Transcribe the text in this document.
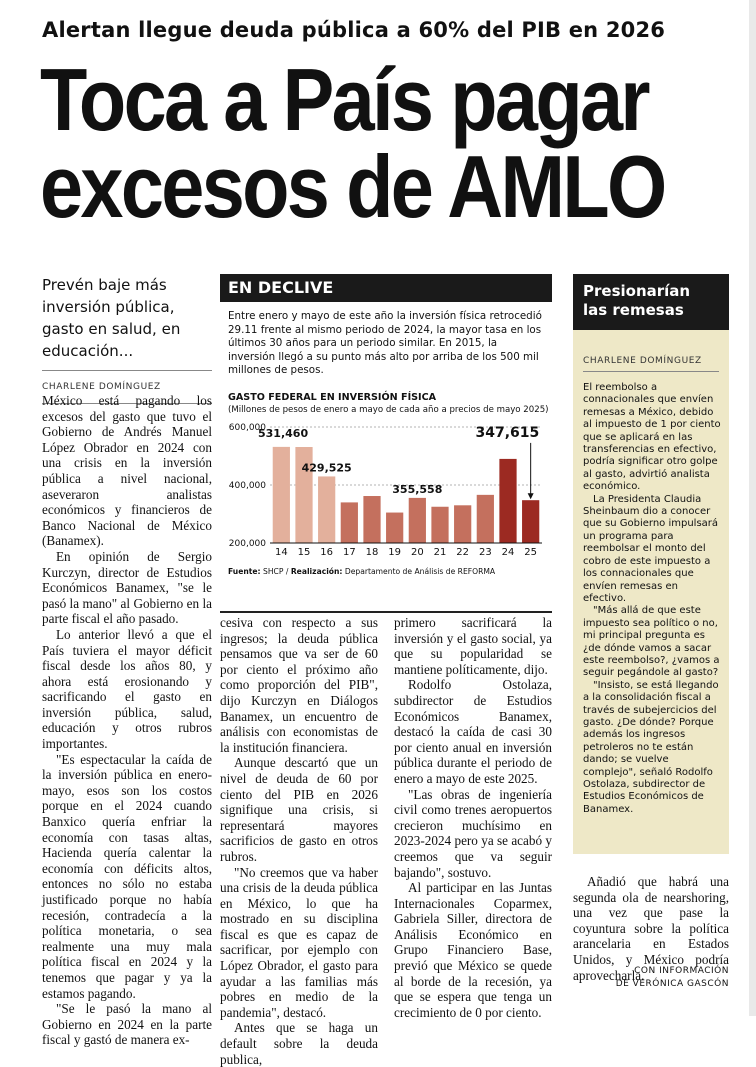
Alertan llegue deuda pública a 60% del PIB en 2026
Toca a País pagar
excesos de AMLO
Prevén baje más inversión pública, gasto en salud, en educación...
CHARLENE DOMÍNGUEZ

México está pagando los excesos del gasto que tuvo el Gobierno de Andrés Manuel López Obrador en 2024 con una crisis en la inversión pública a nivel nacional, aseveraron analistas económicos y financieros de Banco Nacional de México (Banamex).

En opinión de Sergio Kurczyn, director de Estudios Económicos Banamex, "se le pasó la mano" al Gobierno en la parte fiscal el año pasado.

Lo anterior llevó a que el País tuviera el mayor déficit fiscal desde los años 80, y ahora está erosionando y sacrificando el gasto en inversión pública, salud, educación y otros rubros importantes.

"Es espectacular la caída de la inversión pública en enero-mayo, esos son los costos porque en el 2024 cuando Banxico quería enfriar la economía con tasas altas, Hacienda quería calentar la economía con déficits altos, entonces no sólo no estaba justificado porque no había recesión, contradecía a la política monetaria, o sea realmente una muy mala política fiscal en 2024 y la tenemos que pagar y ya la estamos pagando.

"Se le pasó la mano al Gobierno en 2024 en la parte fiscal y gastó de manera ex-

EN DECLIVE
Entre enero y mayo de este año la inversión física retrocedió 29.11 frente al mismo periodo de 2024, la mayor tasa en los últimos 30 años para un periodo similar. En 2015, la inversión llegó a su punto más alto por arriba de los 500 mil millones de pesos.
GASTO FEDERAL EN INVERSIÓN FÍSICA
(Millones de pesos de enero a mayo de cada año a precios de mayo 2025)
200,000
400,000
600,000
14
531,460
15 16
429,525
17 18 19 20
355,558
21 22 23 24 25
347,615
Fuente: SHCP / Realización: Departamento de Análisis de REFORMA

cesiva con respecto a sus ingresos; la deuda pública pensamos que va ser de 60 por ciento el próximo año como proporción del PIB", dijo Kurczyn en Diálogos Banamex, un encuentro de análisis con economistas de la institución financiera.

Aunque descartó que un nivel de deuda de 60 por ciento del PIB en 2026 signifique una crisis, si representará mayores sacrificios de gasto en otros rubros.

"No creemos que va haber una crisis de la deuda pública en México, lo que ha mostrado en su disciplina fiscal es que es capaz de sacrificar, por ejemplo con López Obrador, el gasto para ayudar a las familias más pobres en medio de la pandemia", destacó.

Antes que se haga un default sobre la deuda publica,

primero sacrificará la inversión y el gasto social, ya que su popularidad se mantiene políticamente, dijo.

Rodolfo Ostolaza, subdirector de Estudios Económicos Banamex, destacó la caída de casi 30 por ciento anual en inversión pública durante el periodo de enero a mayo de este 2025.

"Las obras de ingeniería civil como trenes aeropuertos crecieron muchísimo en 2023-2024 pero ya se acabó y creemos que va seguir bajando", sostuvo.

Al participar en las Juntas Internacionales Coparmex, Gabriela Siller, directora de Análisis Económico en Grupo Financiero Base, previó que México se quede al borde de la recesión, ya que se espera que tenga un crecimiento de 0 por ciento.

Presionarían las remesas
CHARLENE DOMÍNGUEZ

El reembolso a connacionales que envíen remesas a México, debido al impuesto de 1 por ciento que se aplicará en las transferencias en efectivo, podría significar otro golpe al gasto, advirtió analista económico.

La Presidenta Claudia Sheinbaum dio a conocer que su Gobierno impulsará un programa para reembolsar el monto del cobro de este impuesto a los connacionales que envíen remesas en efectivo.

"Más allá de que este impuesto sea político o no, mi principal pregunta es ¿de dónde vamos a sacar este reembolso?, ¿vamos a seguir pegándole al gasto?

"Insisto, se está llegando a la consolidación fiscal a través de subejercicios del gasto. ¿De dónde? Porque además los ingresos petroleros no te están dando; se vuelve complejo", señaló Rodolfo Ostolaza, subdirector de Estudios Económicos de Banamex.

Añadió que habrá una segunda ola de nearshoring, una vez que pase la coyuntura sobre la política arancelaria en Estados Unidos, y México podría aprovecharla.

CON INFORMACIÓN
DE VERÓNICA GASCÓN
